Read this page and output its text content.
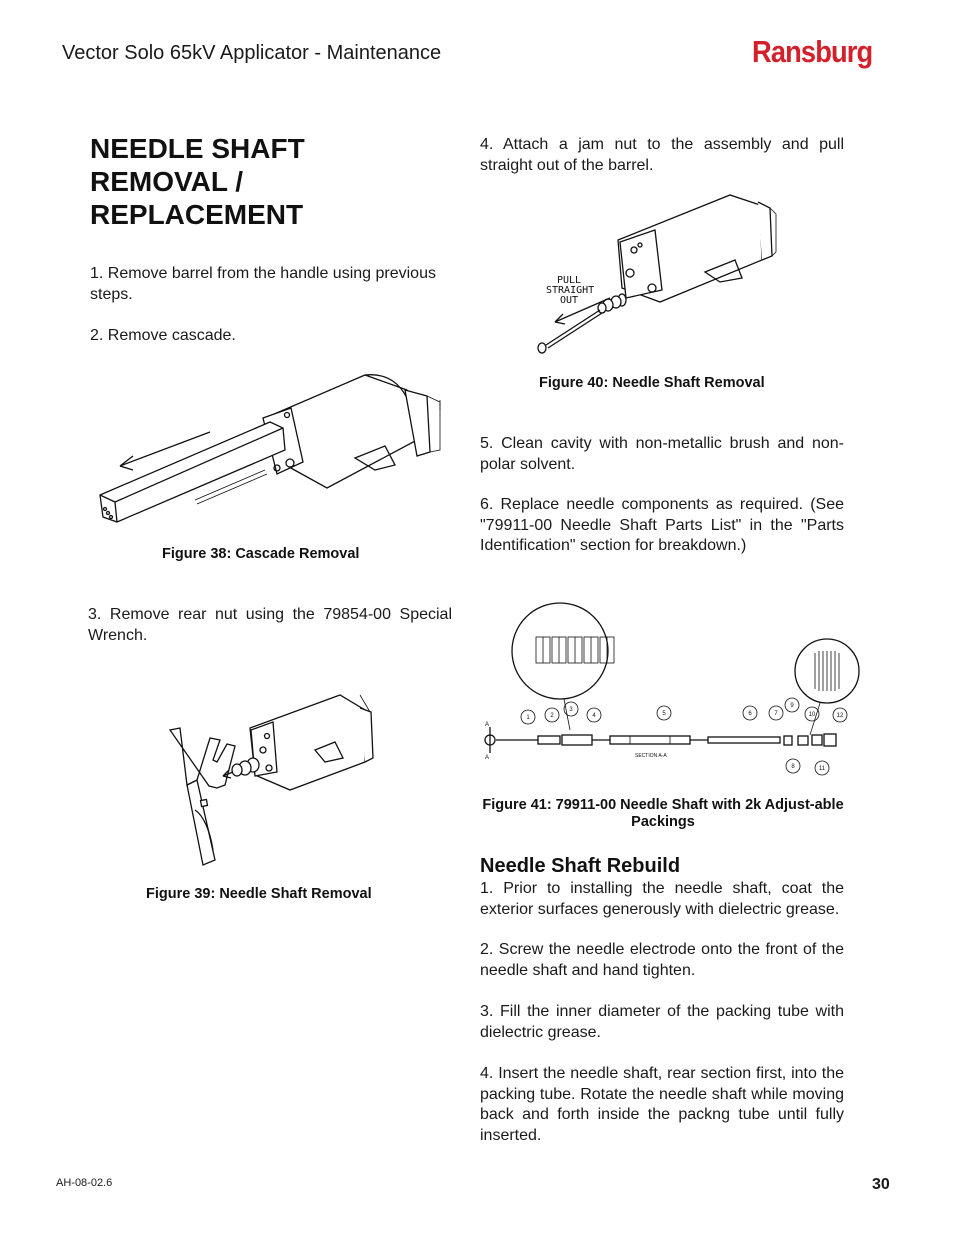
Vector Solo 65kV Applicator - Maintenance	Ransburg
NEEDLE SHAFT REMOVAL / REPLACEMENT
1. Remove barrel from the handle using previous steps.
2. Remove cascade.
Figure 38: Cascade Removal
3. Remove rear nut using the 79854-00 Special Wrench.
Figure 39: Needle Shaft Removal
4. Attach a jam nut to the assembly and pull straight out of the barrel.
PULL
STRAIGHT
OUT
Figure 40: Needle Shaft Removal
5. Clean cavity with non-metallic brush and non-polar solvent.
6. Replace needle components as required. (See "79911-00 Needle Shaft Parts List" in the "Parts Identification" section for breakdown.)
A
A
1	2
3
4	5	6	7
8
9
10
11
12
SECTION A-A
Figure 41: 79911-00 Needle Shaft with 2k Adjust-able Packings
Needle Shaft Rebuild
1. Prior to installing the needle shaft, coat the exterior surfaces generously with dielectric grease.
2. Screw the needle electrode onto the front of the needle shaft and hand tighten.
3. Fill the inner diameter of the packing tube with dielectric grease.
4. Insert the needle shaft, rear section first, into the packing tube. Rotate the needle shaft while moving back and forth inside the packng tube until fully inserted.
AH-08-02.6	30
